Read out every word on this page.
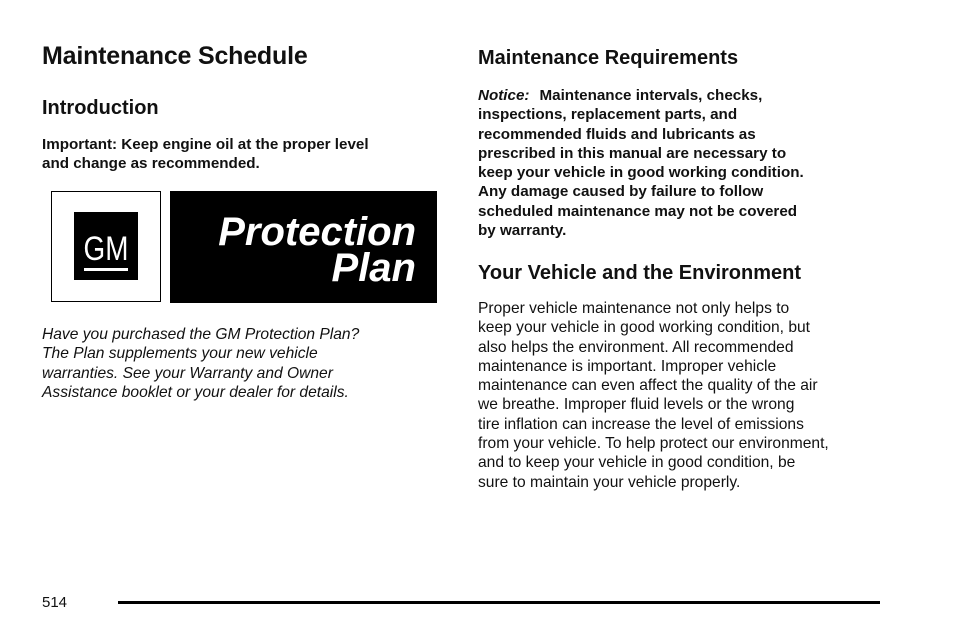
Maintenance Schedule
Introduction
Important: Keep engine oil at the proper level
and change as recommended.
GM Protection
Plan
Have you purchased the GM Protection Plan?
The Plan supplements your new vehicle
warranties. See your Warranty and Owner
Assistance booklet or your dealer for details.
Maintenance Requirements
Notice: Maintenance intervals, checks,
inspections, replacement parts, and
recommended fluids and lubricants as
prescribed in this manual are necessary to
keep your vehicle in good working condition.
Any damage caused by failure to follow
scheduled maintenance may not be covered
by warranty.
Your Vehicle and the Environment
Proper vehicle maintenance not only helps to
keep your vehicle in good working condition, but
also helps the environment. All recommended
maintenance is important. Improper vehicle
maintenance can even affect the quality of the air
we breathe. Improper fluid levels or the wrong
tire inflation can increase the level of emissions
from your vehicle. To help protect our environment,
and to keep your vehicle in good condition, be
sure to maintain your vehicle properly.
514
